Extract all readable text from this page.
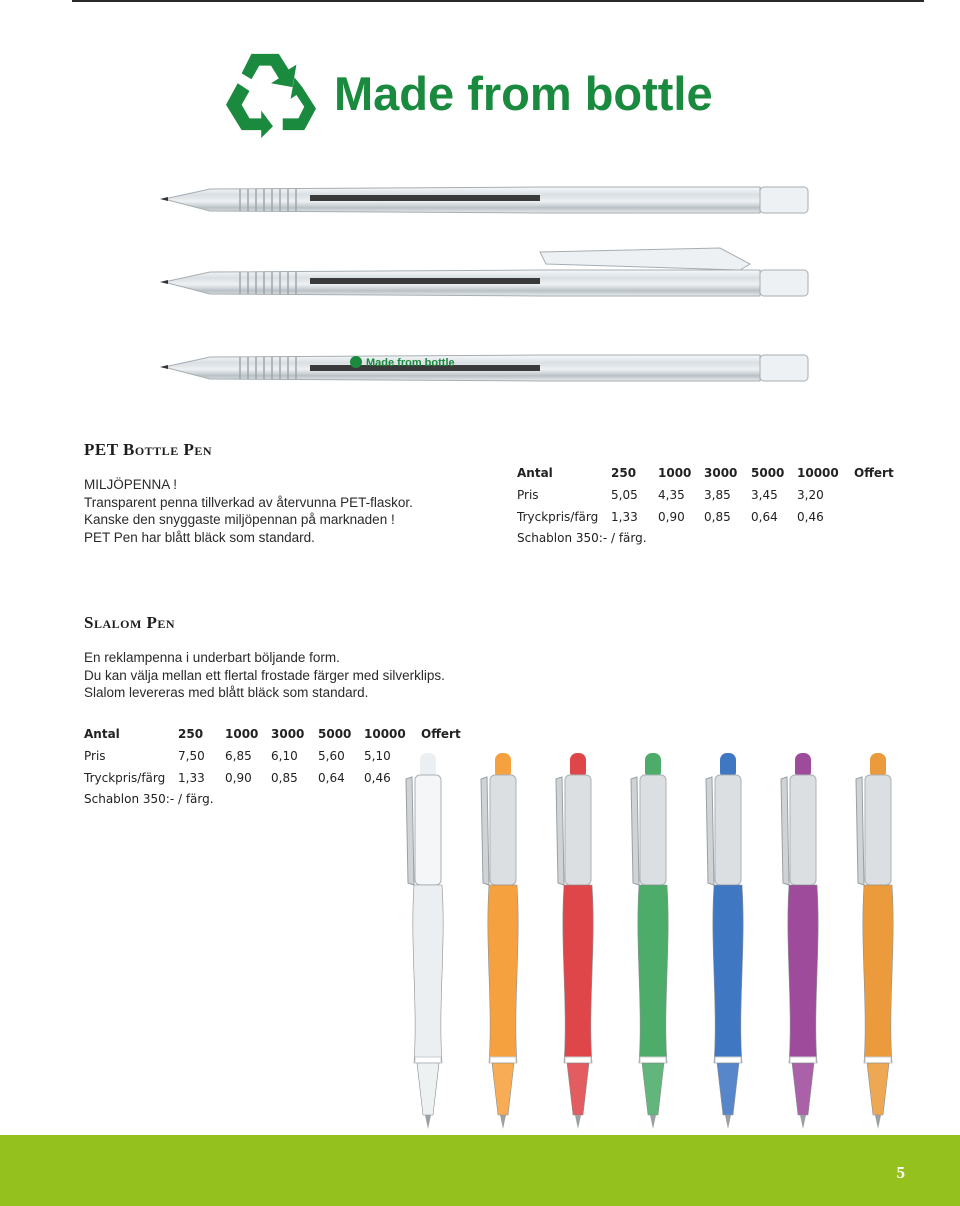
Made from bottle
Made from bottle
PET Bottle Pen
MILJÖPENNA !
Transparent penna tillverkad av återvunna PET-flaskor.
Kanske den snyggaste miljöpennan på marknaden !
PET Pen har blått bläck som standard.
Antal	250	1000	3000	5000	10000	Offert
Pris	5,05	4,35	3,85	3,45	3,20	
Tryckpris/färg	1,33	0,90	0,85	0,64	0,46	
Schablon 350:- / färg.
Slalom Pen
En reklampenna i underbart böljande form.
Du kan välja mellan ett flertal frostade färger med silverklips.
Slalom levereras med blått bläck som standard.
Antal	250	1000	3000	5000	10000	Offert
Pris	7,50	6,85	6,10	5,60	5,10	
Tryckpris/färg	1,33	0,90	0,85	0,64	0,46	
Schablon 350:- / färg.
5
